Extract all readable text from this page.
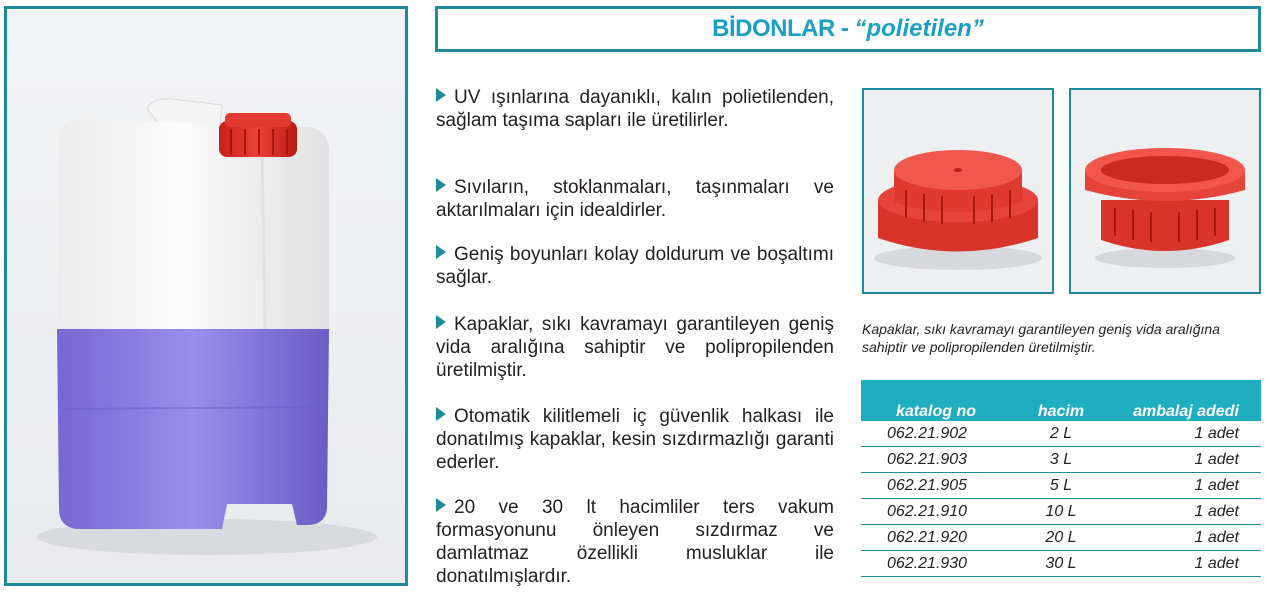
BİDONLAR - “polietilen”
UV ışınlarına dayanıklı, kalın polietilenden, sağlam taşıma sapları ile üretilirler.
Sıvıların, stoklanmaları, taşınmaları ve aktarılmaları için idealdirler.
Geniş boyunları kolay doldurum ve boşaltımı sağlar.
Kapaklar, sıkı kavramayı garantileyen geniş vida aralığına sahiptir ve polipropilenden üretilmiştir.
Otomatik kilitlemeli iç güvenlik halkası ile donatılmış kapaklar, kesin sızdırmazlığı garanti ederler.
20 ve 30 lt hacimliler ters vakum formasyonunu önleyen sızdırmaz ve damlatmaz özellikli musluklar ile donatılmışlardır.
Kapaklar, sıkı kavramayı garantileyen geniş vida aralığına sahiptir ve polipropilenden üretilmiştir.
katalog no	hacim	ambalaj adedi
062.21.902	2 L	1 adet
062.21.903	3 L	1 adet
062.21.905	5 L	1 adet
062.21.910	10 L	1 adet
062.21.920	20 L	1 adet
062.21.930	30 L	1 adet
